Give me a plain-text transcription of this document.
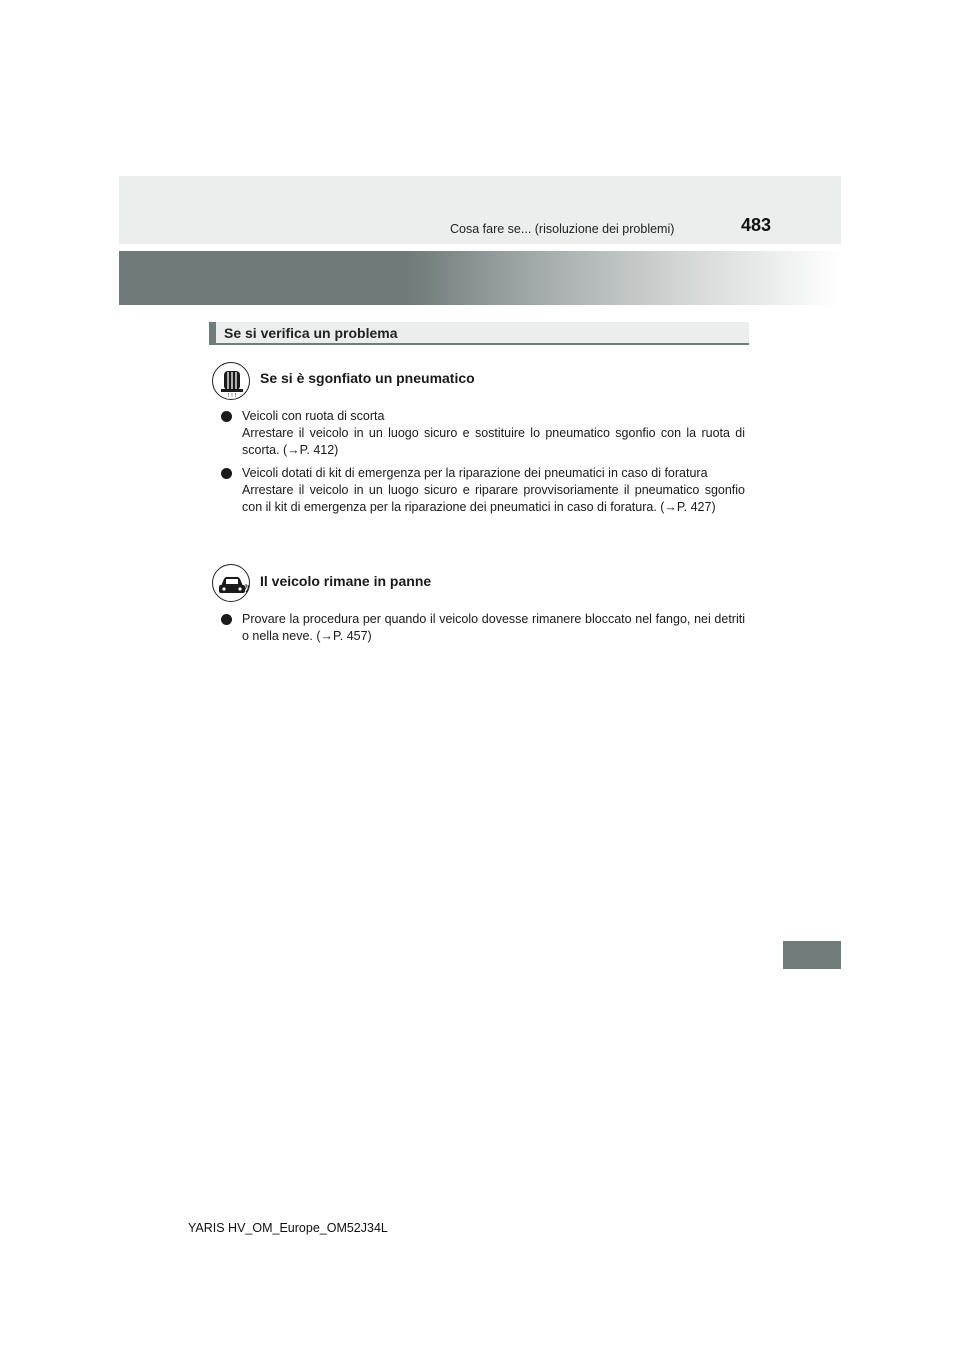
Cosa fare se... (risoluzione dei problemi)	483
Se si verifica un problema
! ! !
Se si è sgonfiato un pneumatico
Veicoli con ruota di scorta
Arrestare il veicolo in un luogo sicuro e sostituire lo pneumatico sgonfio con la ruota di scorta. (→P. 412)
Veicoli dotati di kit di emergenza per la riparazione dei pneumatici in caso di foratura
Arrestare il veicolo in un luogo sicuro e riparare provvisoriamente il pneumatico sgonfio con il kit di emergenza per la riparazione dei pneumatici in caso di foratura. (→P. 427)
Il veicolo rimane in panne
Provare la procedura per quando il veicolo dovesse rimanere bloccato nel fango, nei detriti o nella neve. (→P. 457)
YARIS HV_OM_Europe_OM52J34L
